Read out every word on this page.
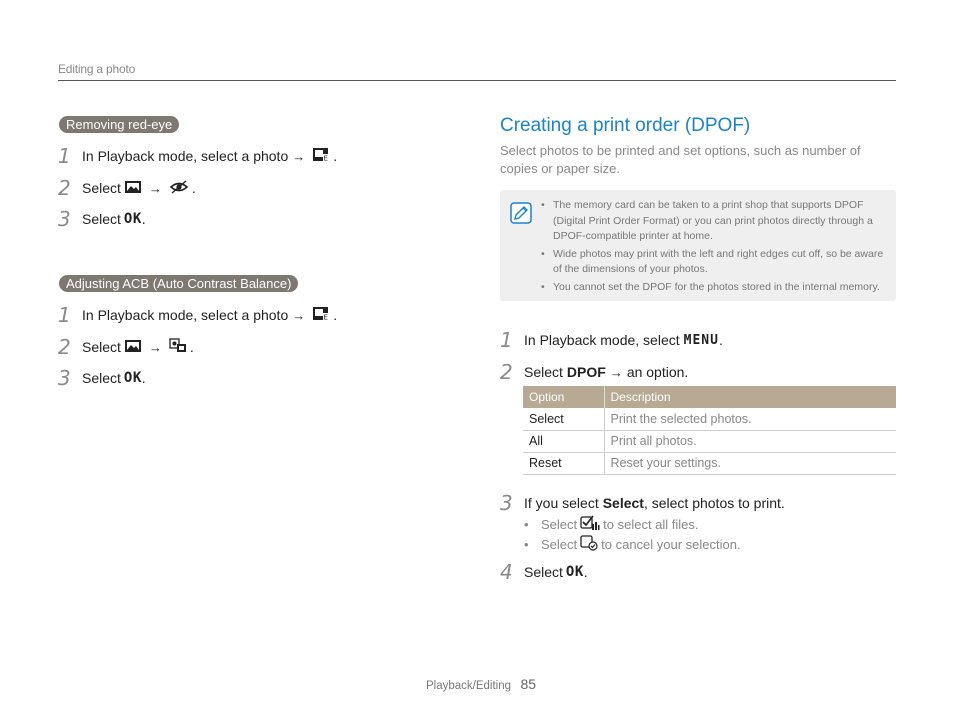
Editing a photo
Removing red-eye
1 In Playback mode, select a photo →	E .
2 Select → .
3 Select OK .
Adjusting ACB (Auto Contrast Balance)
1 In Playback mode, select a photo →	E .
2 Select → .
3 Select OK .
Creating a print order (DPOF)
Select photos to be printed and set options, such as number of copies or paper size.
• The memory card can be taken to a print shop that supports DPOF (Digital Print Order Format) or you can print photos directly through a DPOF-compatible printer at home.
• Wide photos may print with the left and right edges cut off, so be aware of the dimensions of your photos.
• You cannot set the DPOF for the photos stored in the internal memory.
1 In Playback mode, select MENU .
2 Select DPOF → an option.
Option	Description
Select	Print the selected photos.
All	Print all photos.
Reset	Reset your settings.
3 If you select Select , select photos to print.
• Select to select all files.
• Select to cancel your selection.
4 Select OK .
Playback/Editing 85
